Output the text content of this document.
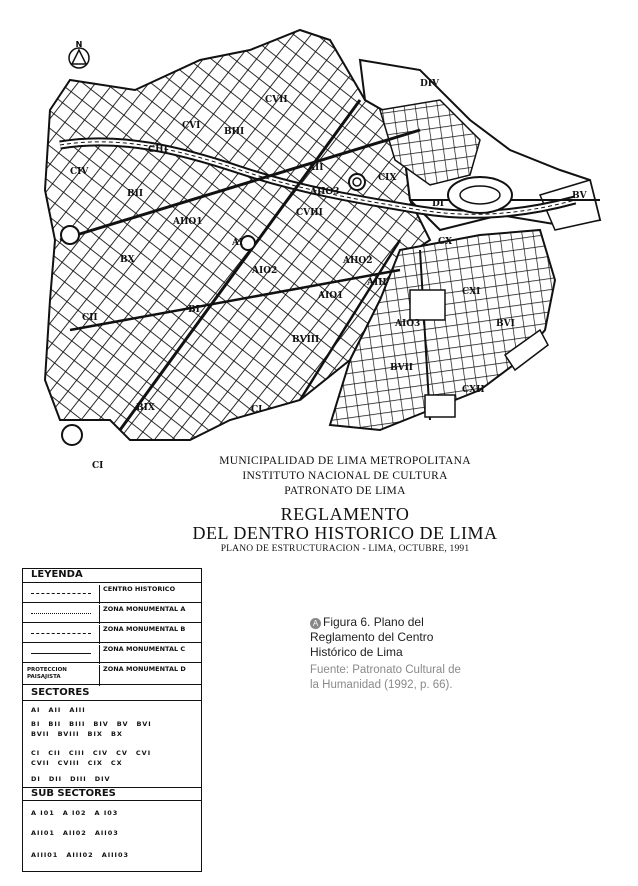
N
DIV
CVII
CVI
BIII
CIII
CIV
BII
AII
AIIO3
CIX
CVIII
DI
BV
AIIO1
AI
AIO2
AIO1
AIIO2
CX
BX
AIII
CXI
AIO3
BI
BVIII
BVI
BVII
CII
CXII
BIX	CI
CI	MUNICIPALIDAD DE LIMA METROPOLITANA
INSTITUTO NACIONAL DE CULTURA
PATRONATO DE LIMA
REGLAMENTO
DEL DENTRO HISTORICO DE LIMA
PLANO DE ESTRUCTURACION - LIMA, OCTUBRE, 1991
LEYENDA
CENTRO HISTORICO
ZONA MONUMENTAL A
ZONA MONUMENTAL B
ZONA MONUMENTAL C
PROTECCION PAISAJISTA
ZONA MONUMENTAL D
SECTORES
AI AII AIII
BI BII BIII BIV BV BVI
BVII BVIII BIX BX
CI CII CIII CIV CV CVI
CVII CVIII CIX CX
DI DII DIII DIV
SUB SECTORES
A I01 A I02 A I03
AII01 AII02 AII03
AIII01 AIII02 AIII03
A Figura 6. Plano del Reglamento del Centro Histórico de Lima
Fuente: Patronato Cultural de la Humanidad (1992, p. 66).
